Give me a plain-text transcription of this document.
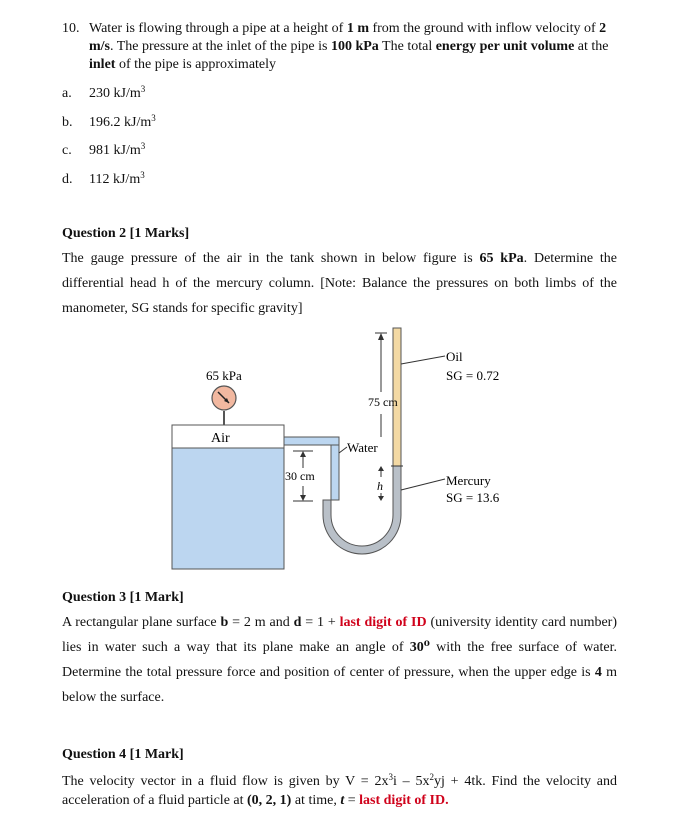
10. Water is flowing through a pipe at a height of 1 m from the ground with inflow velocity of 2 m/s. The pressure at the inlet of the pipe is 100 kPa The total energy per unit volume at the inlet of the pipe is approximately
a. 230 $kJ/m^3$
b. 196.2 $kJ/m^3$
c. 981 $kJ/m^3$
d. 112 $kJ/m^3$
Question 2 [1 Marks]
The gauge pressure of the air in the tank shown in below figure is 65 kPa. Determine the differential head h of the mercury column. [Note: Balance the pressures on both limbs of the manometer, SG stands for specific gravity]
75 cm
Water
30 cm
h
65 kPa
Air
Oil
SG = 0.72
Mercury
SG = 13.6
Question 3 [1 Mark]
A rectangular plane surface b = 2 m and d = 1 + last digit of ID (university identity card number) lies in water such a way that its plane make an angle of 30⁰ with the free surface of water. Determine the total pressure force and position of center of pressure, when the upper edge is 4 m below the surface.
Question 4 [1 Mark]
The velocity vector in a fluid flow is given by $V = 2x^3i - 5x^2yj + 4tk$. Find the velocity and acceleration of a fluid particle at (0, 2, 1) at time, t = last digit of ID.
